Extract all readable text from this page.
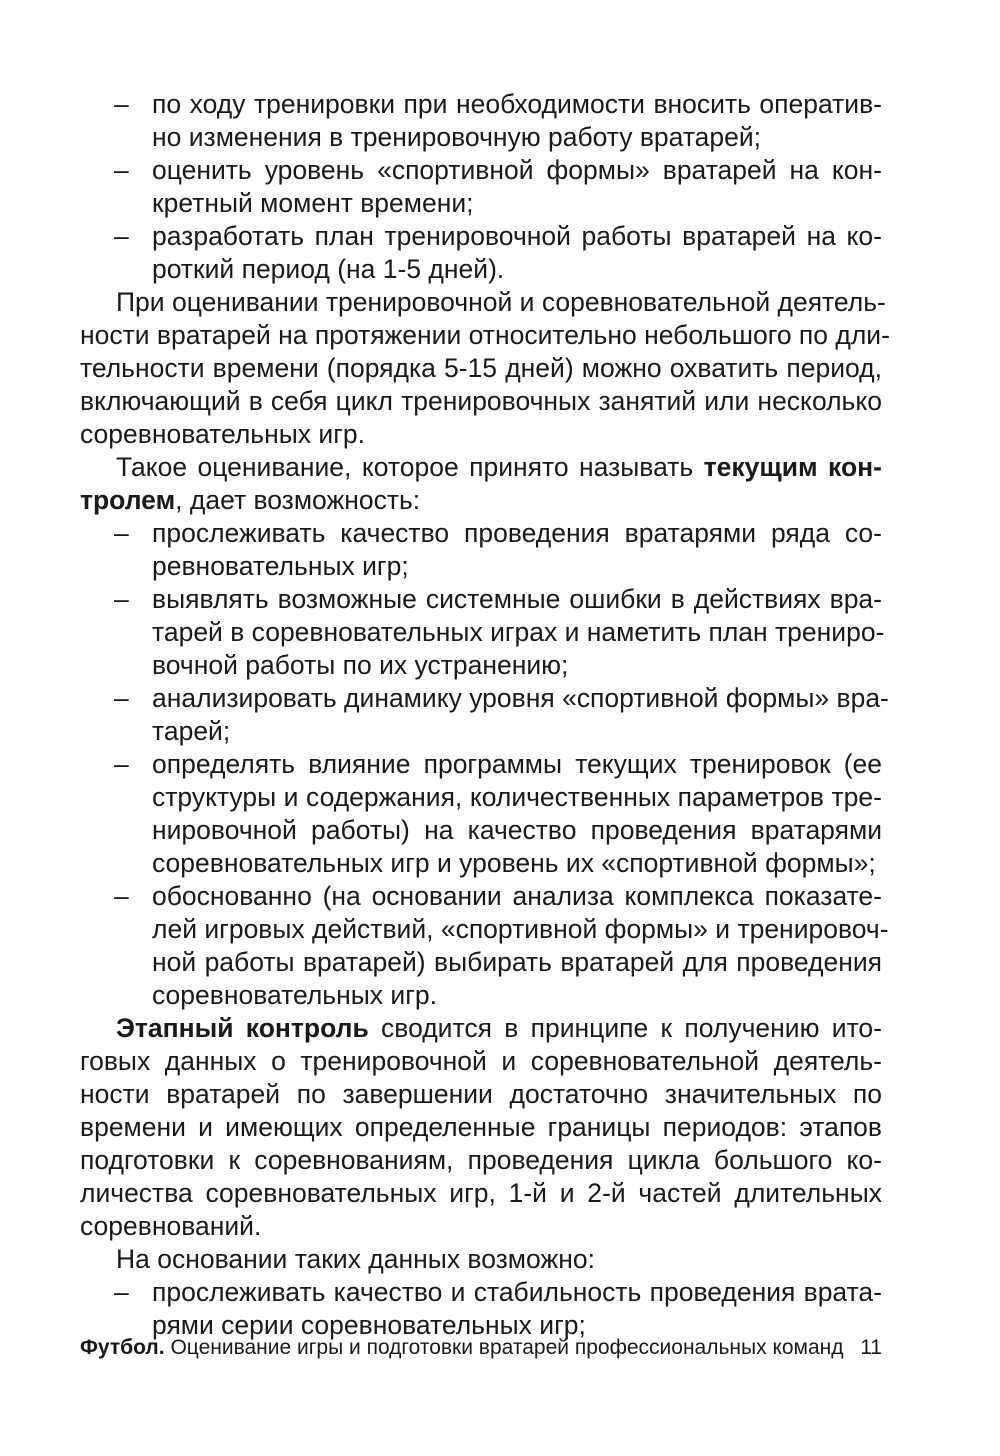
– по ходу тренировки при необходимости вносить оператив-
но изменения в тренировочную работу вратарей;
– оценить уровень «спортивной формы» вратарей на кон-
кретный момент времени;
– разработать план тренировочной работы вратарей на ко-
роткий период (на 1-5 дней).
При оценивании тренировочной и соревновательной деятель-
ности вратарей на протяжении относительно небольшого по дли-
тельности времени (порядка 5-15 дней) можно охватить период,
включающий в себя цикл тренировочных занятий или несколько
соревновательных игр.
Такое оценивание, которое принято называть текущим кон-
тролем, дает возможность:
– прослеживать качество проведения вратарями ряда со-
ревновательных игр;
– выявлять возможные системные ошибки в действиях вра-
тарей в соревновательных играх и наметить план трениро-
вочной работы по их устранению;
– анализировать динамику уровня «спортивной формы» вра-
тарей;
– определять влияние программы текущих тренировок (ее
структуры и содержания, количественных параметров тре-
нировочной работы) на качество проведения вратарями
соревновательных игр и уровень их «спортивной формы»;
– обоснованно (на основании анализа комплекса показате-
лей игровых действий, «спортивной формы» и тренировоч-
ной работы вратарей) выбирать вратарей для проведения
соревновательных игр.
Этапный контроль сводится в принципе к получению ито-
говых данных о тренировочной и соревновательной деятель-
ности вратарей по завершении достаточно значительных по
времени и имеющих определенные границы периодов: этапов
подготовки к соревнованиям, проведения цикла большого ко-
личества соревновательных игр, 1-й и 2-й частей длительных
соревнований.
На основании таких данных возможно:
– прослеживать качество и стабильность проведения врата-
рями серии соревновательных игр;
Футбол. Оценивание игры и подготовки вратарей профессиональных команд 11
